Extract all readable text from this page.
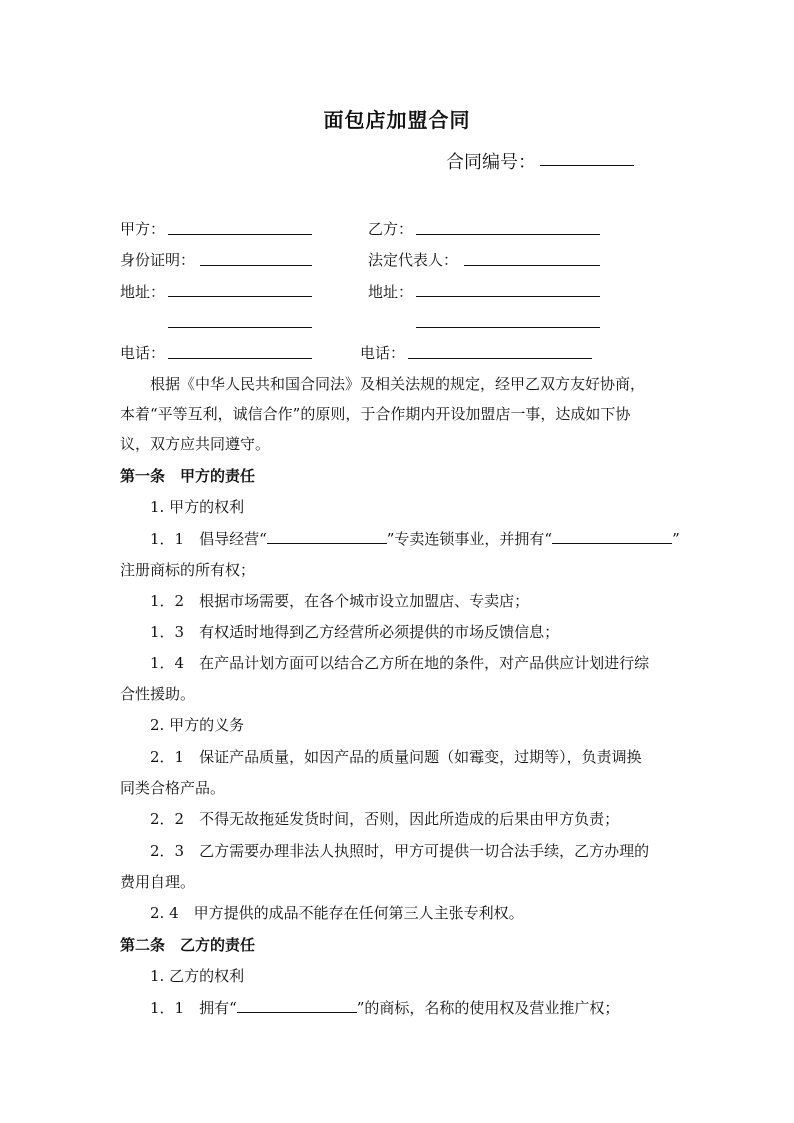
面包店加盟合同
合同编号：
甲方：	乙方：
身份证明：	法定代表人：
地址：	地址：
电话：	电话：
根据《中华人民共和国合同法》及相关法规的规定，经甲乙双方友好协商，
本着“平等互利，诚信合作”的原则，于合作期内开设加盟店一事，达成如下协
议，双方应共同遵守。
第一条　甲方的责任
1. 甲方的权利
1．1　倡导经营“	”专卖连锁事业，并拥有“	”
注册商标的所有权；
1．2　根据市场需要，在各个城市设立加盟店、专卖店；
1．3　有权适时地得到乙方经营所必须提供的市场反馈信息；
1．4　在产品计划方面可以结合乙方所在地的条件，对产品供应计划进行综
合性援助。
2. 甲方的义务
2．1　保证产品质量，如因产品的质量问题（如霉变，过期等），负责调换
同类合格产品。
2．2　不得无故拖延发货时间，否则，因此所造成的后果由甲方负责；
2．3　乙方需要办理非法人执照时，甲方可提供一切合法手续，乙方办理的
费用自理。
2. 4　甲方提供的成品不能存在任何第三人主张专利权。
第二条　乙方的责任
1. 乙方的权利
1．1　拥有“	”的商标，名称的使用权及营业推广权；
